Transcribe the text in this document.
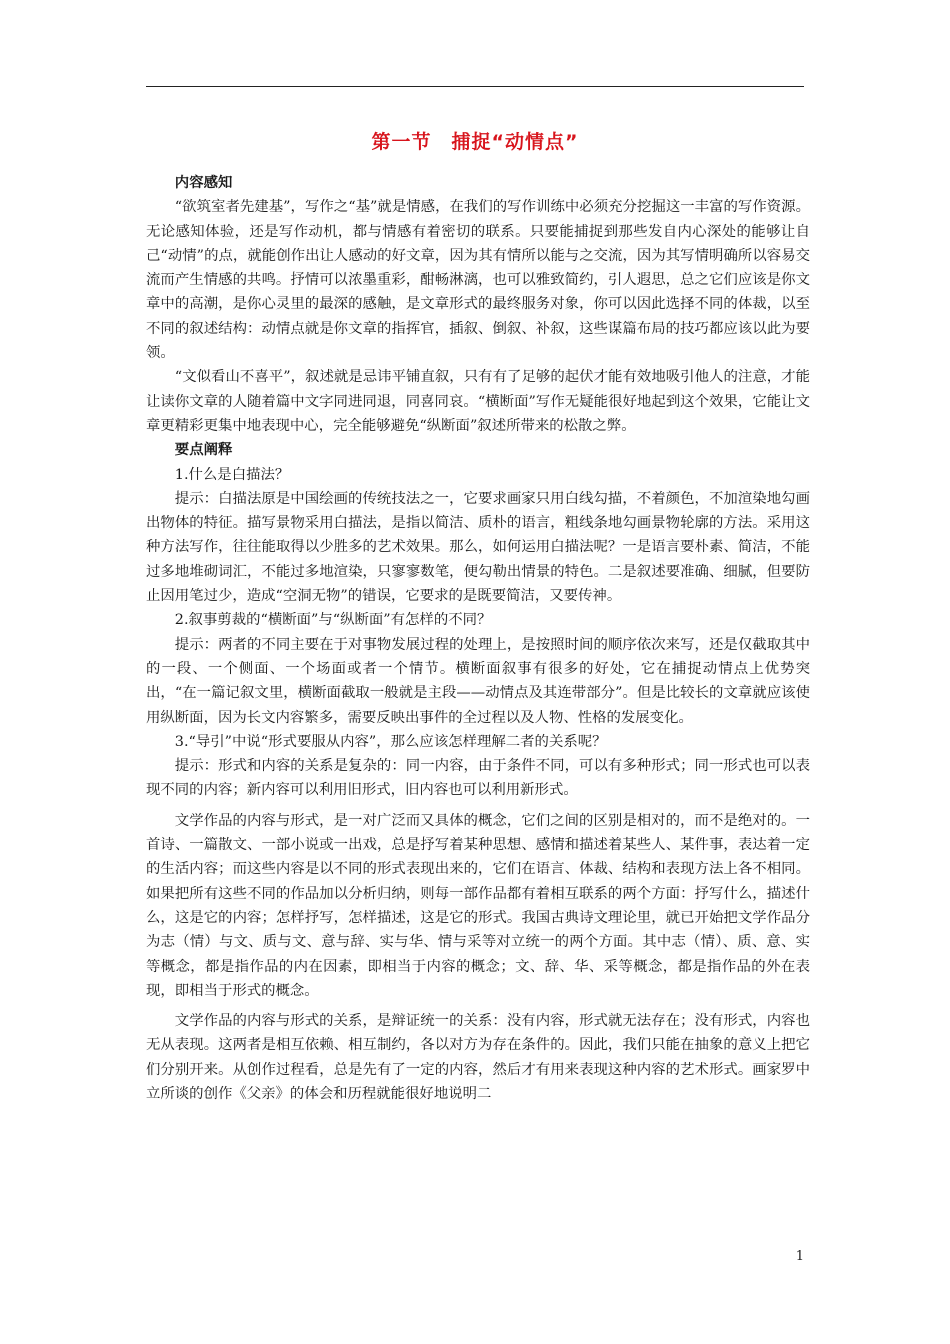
第一节　捕捉“动情点”

内容感知

“欲筑室者先建基”，写作之“基”就是情感，在我们的写作训练中必须充分挖掘这一丰富的写作资源。无论感知体验，还是写作动机，都与情感有着密切的联系。只要能捕捉到那些发自内心深处的能够让自己“动情”的点，就能创作出让人感动的好文章，因为其有情所以能与之交流，因为其写情明确所以容易交流而产生情感的共鸣。抒情可以浓墨重彩，酣畅淋漓，也可以雅致简约，引人遐思，总之它们应该是你文章中的高潮，是你心灵里的最深的感触，是文章形式的最终服务对象，你可以因此选择不同的体裁，以至不同的叙述结构：动情点就是你文章的指挥官，插叙、倒叙、补叙，这些谋篇布局的技巧都应该以此为要领。

“文似看山不喜平”，叙述就是忌讳平铺直叙，只有有了足够的起伏才能有效地吸引他人的注意，才能让读你文章的人随着篇中文字同进同退，同喜同哀。“横断面”写作无疑能很好地起到这个效果，它能让文章更精彩更集中地表现中心，完全能够避免“纵断面”叙述所带来的松散之弊。

要点阐释

1.什么是白描法？

提示：白描法原是中国绘画的传统技法之一，它要求画家只用白线勾描，不着颜色，不加渲染地勾画出物体的特征。描写景物采用白描法，是指以简洁、质朴的语言，粗线条地勾画景物轮廓的方法。采用这种方法写作，往往能取得以少胜多的艺术效果。那么，如何运用白描法呢？一是语言要朴素、简洁，不能过多地堆砌词汇，不能过多地渲染，只寥寥数笔，便勾勒出情景的特色。二是叙述要准确、细腻，但要防止因用笔过少，造成“空洞无物”的错误，它要求的是既要简洁，又要传神。

2.叙事剪裁的“横断面”与“纵断面”有怎样的不同？

提示：两者的不同主要在于对事物发展过程的处理上，是按照时间的顺序依次来写，还是仅截取其中的一段、一个侧面、一个场面或者一个情节。横断面叙事有很多的好处，它在捕捉动情点上优势突出，“在一篇记叙文里，横断面截取一般就是主段——动情点及其连带部分”。但是比较长的文章就应该使用纵断面，因为长文内容繁多，需要反映出事件的全过程以及人物、性格的发展变化。

3.“导引”中说“形式要服从内容”，那么应该怎样理解二者的关系呢？

提示：形式和内容的关系是复杂的：同一内容，由于条件不同，可以有多种形式；同一形式也可以表现不同的内容；新内容可以利用旧形式，旧内容也可以利用新形式。

文学作品的内容与形式，是一对广泛而又具体的概念，它们之间的区别是相对的，而不是绝对的。一首诗、一篇散文、一部小说或一出戏，总是抒写着某种思想、感情和描述着某些人、某件事，表达着一定的生活内容；而这些内容是以不同的形式表现出来的，它们在语言、体裁、结构和表现方法上各不相同。如果把所有这些不同的作品加以分析归纳，则每一部作品都有着相互联系的两个方面：抒写什么，描述什么，这是它的内容；怎样抒写，怎样描述，这是它的形式。我国古典诗文理论里，就已开始把文学作品分为志（情）与文、质与文、意与辞、实与华、情与采等对立统一的两个方面。其中志（情）、质、意、实等概念，都是指作品的内在因素，即相当于内容的概念；文、辞、华、采等概念，都是指作品的外在表现，即相当于形式的概念。

文学作品的内容与形式的关系，是辩证统一的关系：没有内容，形式就无法存在；没有形式，内容也无从表现。这两者是相互依赖、相互制约，各以对方为存在条件的。因此，我们只能在抽象的意义上把它们分别开来。从创作过程看，总是先有了一定的内容，然后才有用来表现这种内容的艺术形式。画家罗中立所谈的创作《父亲》的体会和历程就能很好地说明二

1
